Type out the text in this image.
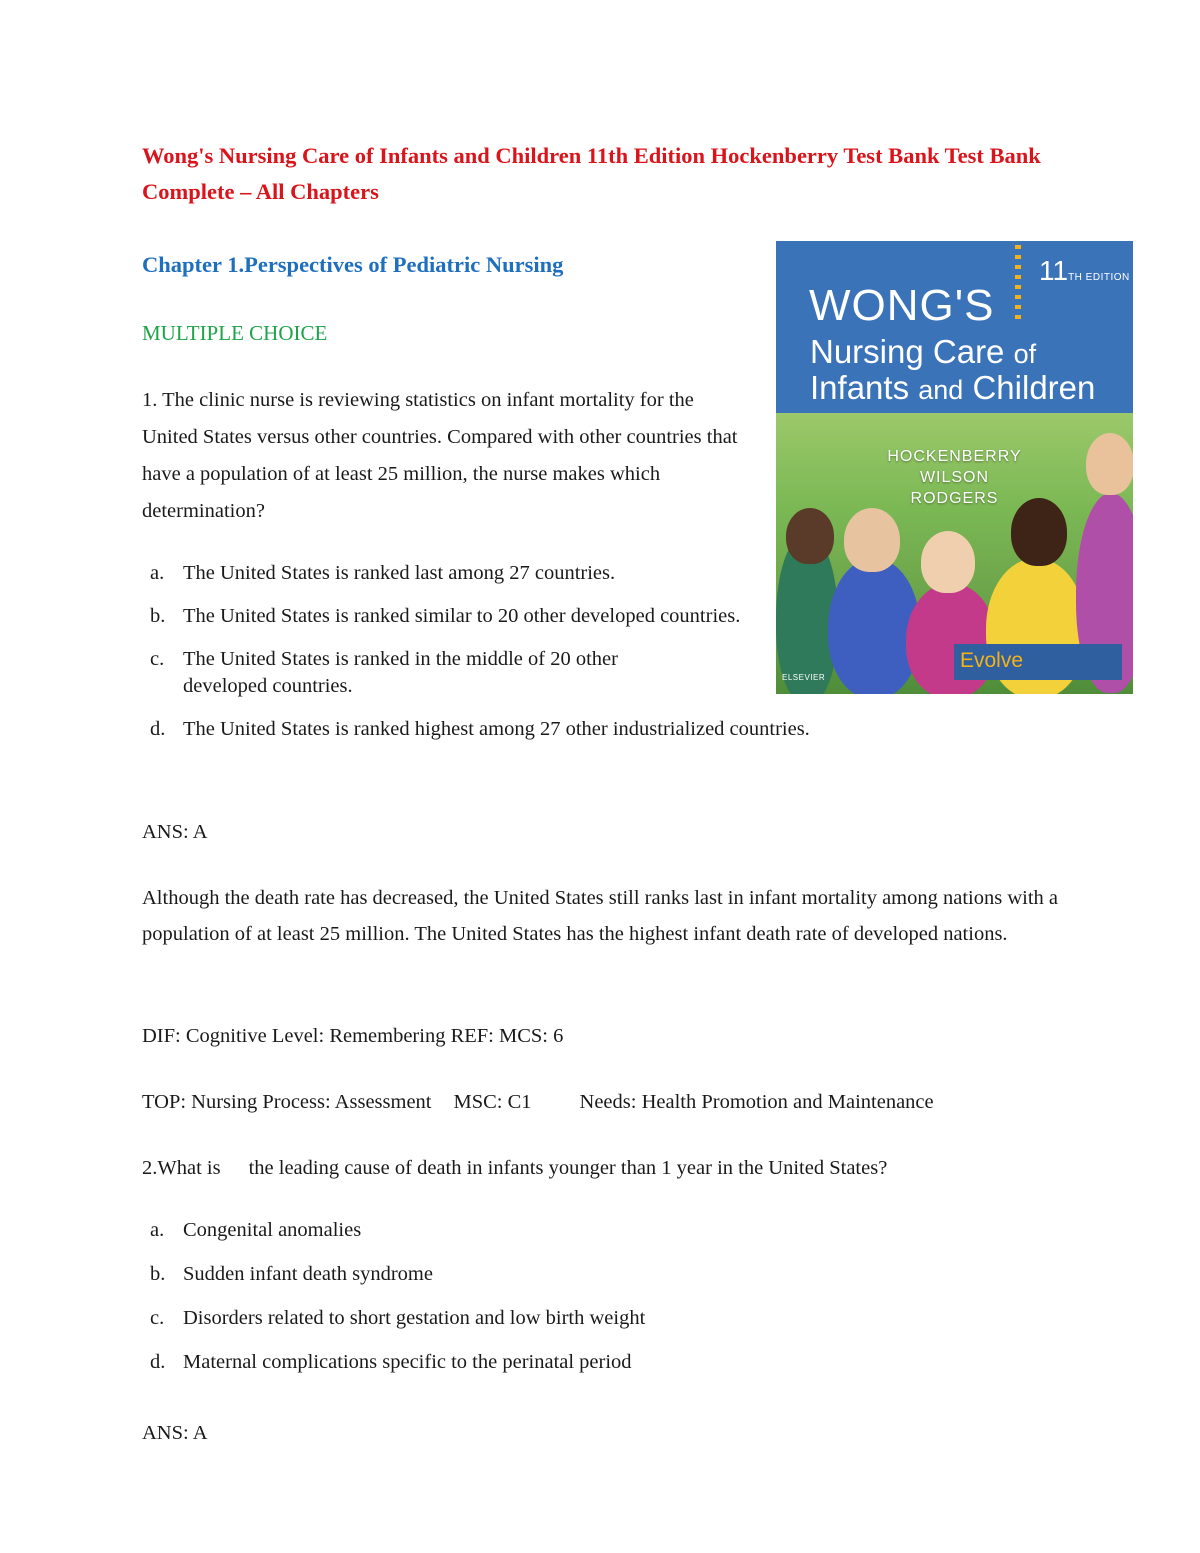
Wong's Nursing Care of Infants and Children 11th Edition Hockenberry Test Bank Test Bank Complete – All Chapters

Chapter 1.Perspectives of Pediatric Nursing

MULTIPLE CHOICE

1. The clinic nurse is reviewing statistics on infant mortality for the United States versus other countries. Compared with other countries that have a population of at least 25 million, the nurse makes which determination?

a. The United States is ranked last among 27 countries.
b. The United States is ranked similar to 20 other developed countries.
c. The United States is ranked in the middle of 20 other developed countries.
d. The United States is ranked highest among 27 other industrialized countries.

ANS: A

Although the death rate has decreased, the United States still ranks last in infant mortality among nations with a population of at least 25 million. The United States has the highest infant death rate of developed nations.

DIF: Cognitive Level: Remembering REF: MCS: 6

TOP: Nursing Process: Assessment MSC: C1 Needs: Health Promotion and Maintenance

2.What is the leading cause of death in infants younger than 1 year in the United States?

a. Congenital anomalies
b. Sudden infant death syndrome
c. Disorders related to short gestation and low birth weight
d. Maternal complications specific to the perinatal period

ANS: A

11TH EDITION
WONG'S
Nursing Care of
Infants and Children
HOCKENBERRY
WILSON
RODGERS
Evolve
ELSEVIER
